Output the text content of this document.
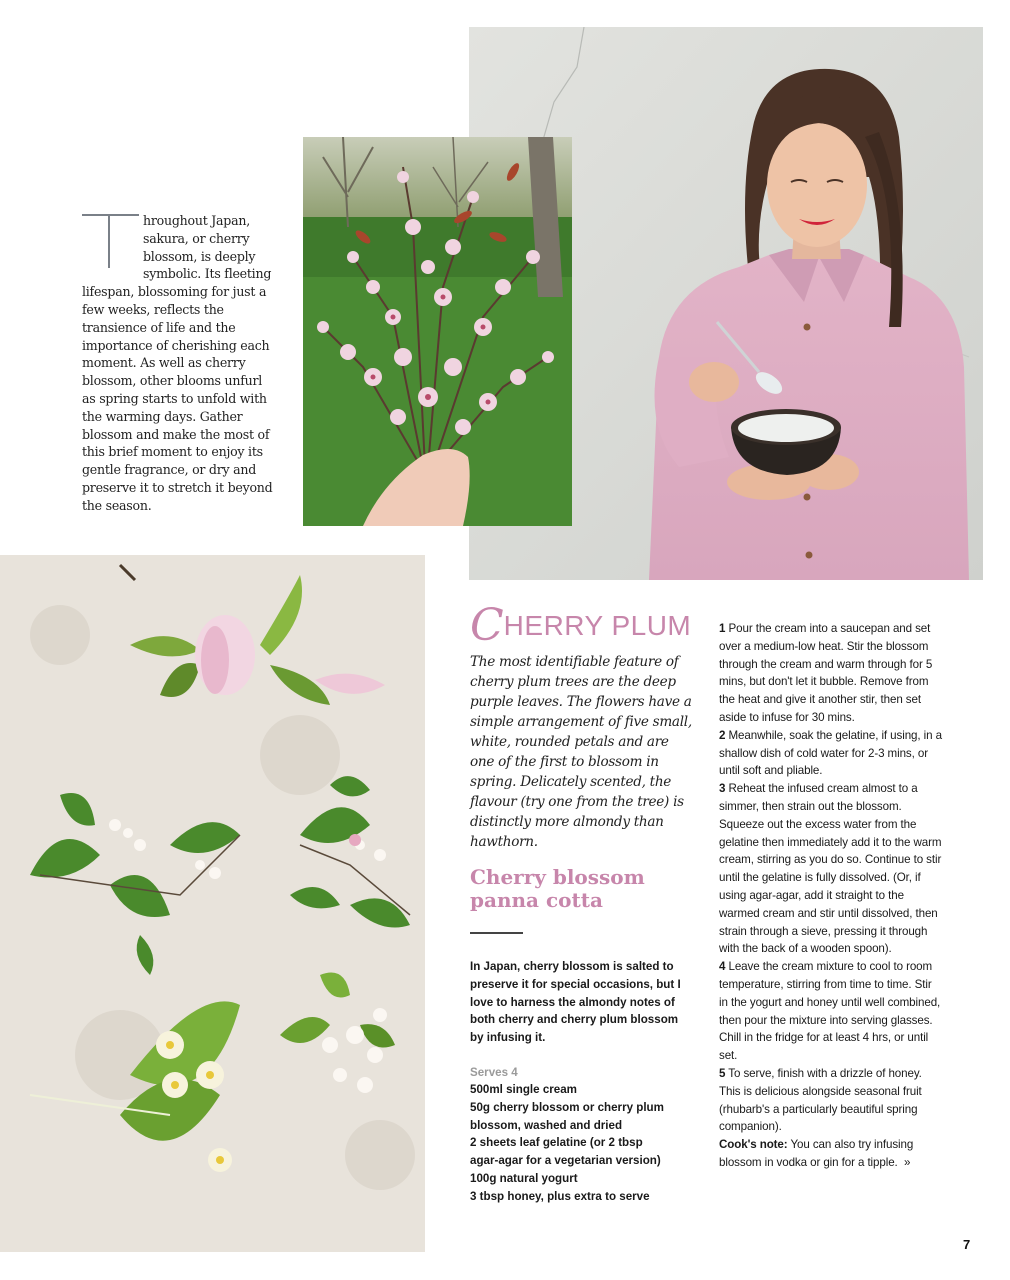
hroughout Japan, sakura, or cherry blossom, is deeply symbolic. Its fleeting lifespan, blossoming for just a few weeks, reflects the transience of life and the importance of cherishing each moment. As well as cherry blossom, other blooms unfurl as spring starts to unfold with the warming days. Gather blossom and make the most of this brief moment to enjoy its gentle fragrance, or dry and preserve it to stretch it beyond the season.
CHERRY PLUM
The most identifiable feature of cherry plum trees are the deep purple leaves. The flowers have a simple arrangement of five small, white, rounded petals and are one of the first to blossom in spring. Delicately scented, the flavour (try one from the tree) is distinctly more almondy than hawthorn.
Cherry blossom
panna cotta
In Japan, cherry blossom is salted to preserve it for special occasions, but I love to harness the almondy notes of both cherry and cherry plum blossom by infusing it.
Serves 4
500ml single cream
50g cherry blossom or cherry plum
blossom, washed and dried
2 sheets leaf gelatine (or 2 tbsp
agar-agar for a vegetarian version)
100g natural yogurt
3 tbsp honey, plus extra to serve
1 Pour the cream into a saucepan and set over a medium-low heat. Stir the blossom through the cream and warm through for 5 mins, but don't let it bubble. Remove from the heat and give it another stir, then set aside to infuse for 30 mins.
2 Meanwhile, soak the gelatine, if using, in a shallow dish of cold water for 2-3 mins, or until soft and pliable.
3 Reheat the infused cream almost to a simmer, then strain out the blossom. Squeeze out the excess water from the gelatine then immediately add it to the warm cream, stirring as you do so. Continue to stir until the gelatine is fully dissolved. (Or, if using agar-agar, add it straight to the warmed cream and stir until dissolved, then strain through a sieve, pressing it through with the back of a wooden spoon).
4 Leave the cream mixture to cool to room temperature, stirring from time to time. Stir in the yogurt and honey until well combined, then pour the mixture into serving glasses. Chill in the fridge for at least 4 hrs, or until set.
5 To serve, finish with a drizzle of honey. This is delicious alongside seasonal fruit (rhubarb's a particularly beautiful spring companion).
Cook's note: You can also try infusing blossom in vodka or gin for a tipple. »
7
